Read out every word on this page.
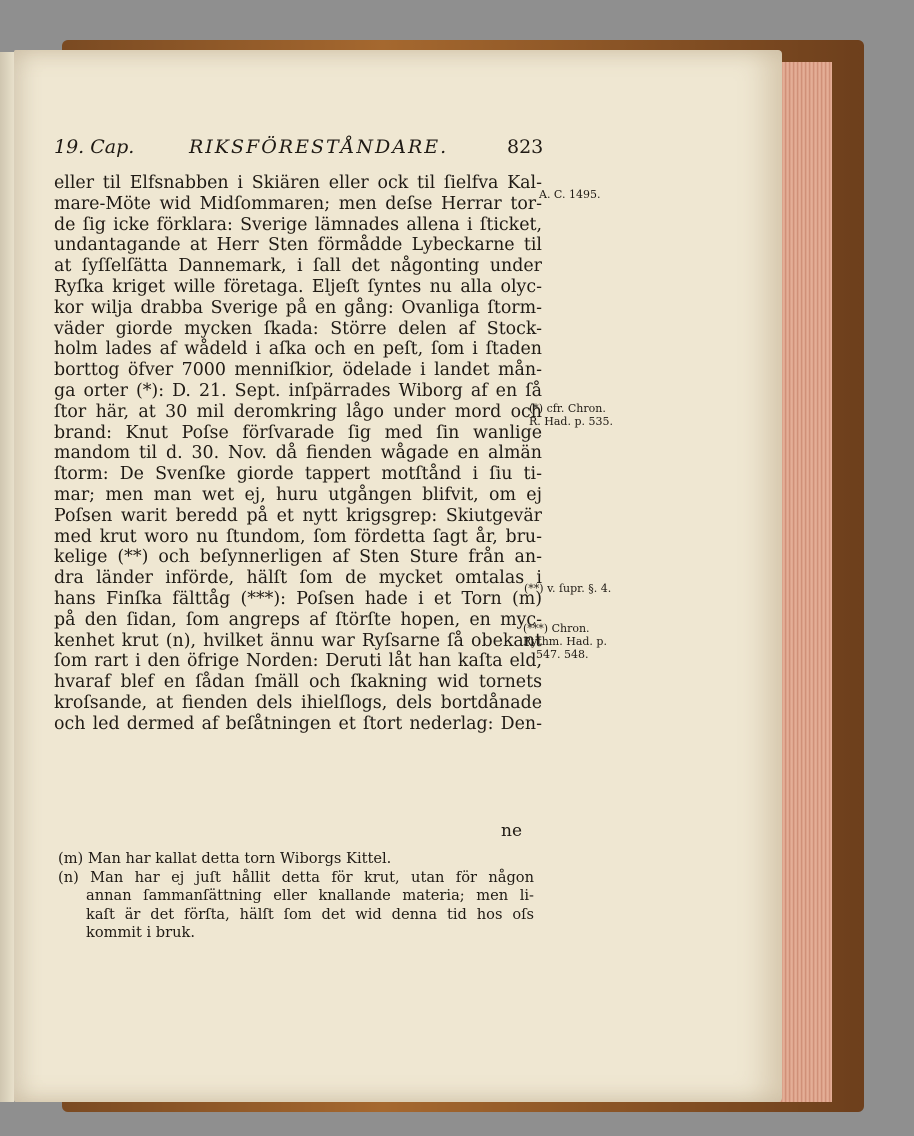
19. Cap.	RIKSFÖRESTÅNDARE.	823
eller til Elfsnabben i Skiären eller ock til ſielfva Kal-
mare-Möte wid Midſommaren; men deſse Herrar tor-
de ſig icke förklara: Sverige lämnades allena i ſticket,
undantagande at Herr Sten förmådde Lybeckarne til
at ſyſſelſätta Dannemark, i ſall det någonting under
Ryſka kriget wille företaga. Eljeſt ſyntes nu alla olyc-
kor wilja drabba Sverige på en gång: Ovanliga ſtorm-
väder giorde mycken ſkada: Större delen af Stock-
holm lades af wådeld i aſka och en peſt, ſom i ſtaden
borttog öfver 7000 menniſkior, ödelade i landet mån-
ga orter (*): D. 21. Sept. inſpärrades Wiborg af en ſå
ſtor här, at 30 mil deromkring lågo under mord och
brand: Knut Poſse förſvarade ſig med ſin wanlige
mandom til d. 30. Nov. då fienden wågade en almän
ſtorm: De Svenſke giorde tappert motſtånd i ſiu ti-
mar; men man wet ej, huru utgången blifvit, om ej
Poſsen warit beredd på et nytt krigsgrep: Skiutgevär
med krut woro nu ſtundom, ſom fördetta ſagt år, bru-
kelige (**) och beſynnerligen af Sten Sture från an-
dra länder införde, hälſt ſom de mycket omtalas i
hans Finſka fälttåg (***): Poſsen hade i et Torn (m)
på den ſidan, ſom angreps af ſtörſte hopen, en myc-
kenhet krut (n), hvilket ännu war Ryſsarne ſå obekant
ſom rart i den öfrige Norden: Deruti låt han kaſta eld,
hvaraf blef en ſådan ſmäll och ſkakning wid tornets
kroſsande, at fienden dels ihielſlogs, dels bortdånade
och led dermed af beſåtningen et ſtort nederlag: Den-
ne
(m) Man har kallat detta torn Wiborgs Kittel.
(n) Man har ej juſt hållit detta för krut, utan för någon
annan ſammanſättning eller knallande materia; men li-
kaſt är det förſta, hälſt ſom det wid denna tid hos oſs
kommit i bruk.
A. C. 1495.
(*) cfr. Chron.
R. Had. p. 535.
(**) v. ſupr. §. 4.
(***) Chron.
Rythm. Had. p.
547. 548.
